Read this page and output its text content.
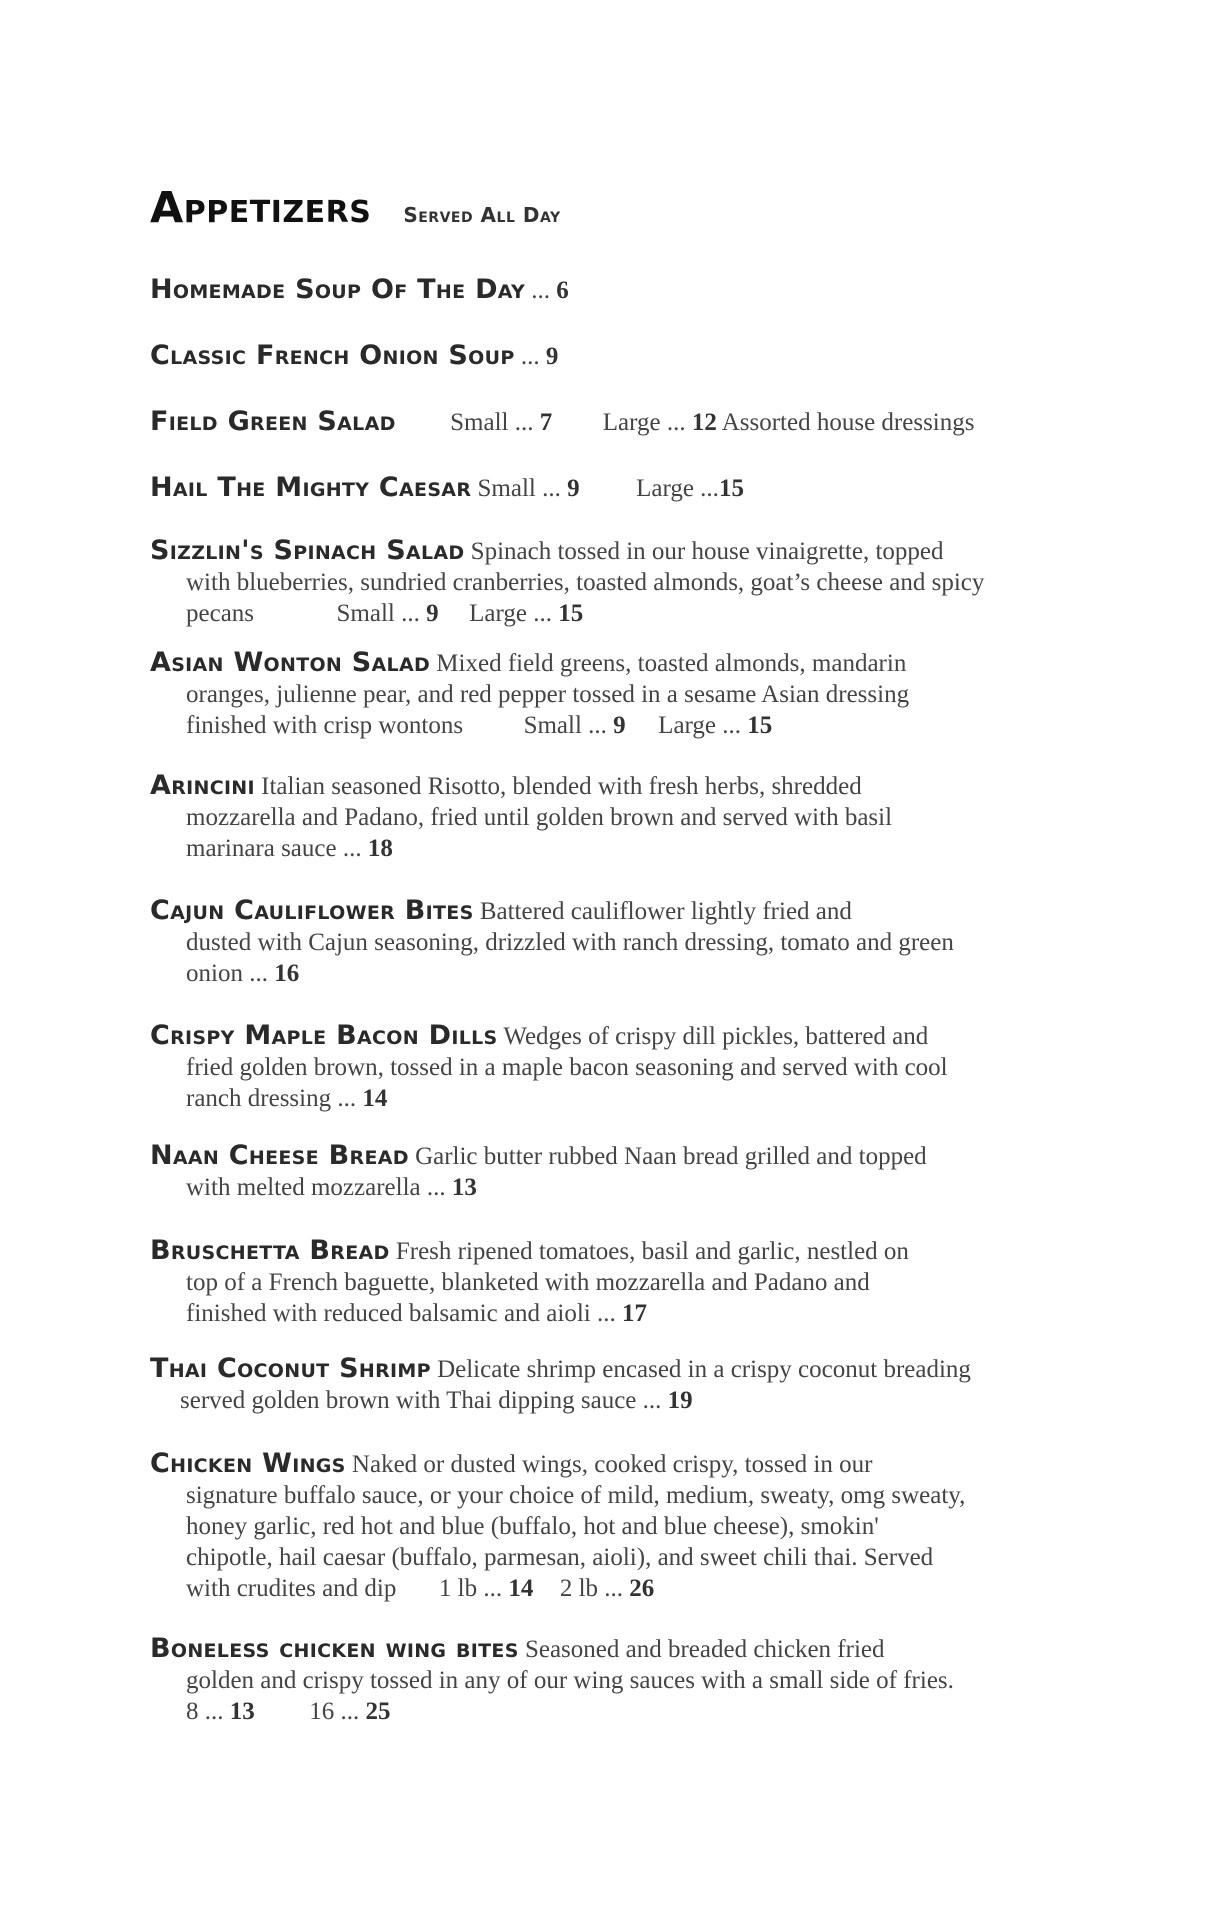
Appetizers Served All Day
Homemade Soup Of The Day ... 6
Classic French Onion Soup ... 9
Field Green Salad Small ... 7 Large ... 12 Assorted house dressings
Hail The Mighty Caesar Small ... 9 Large ...15
Sizzlin's Spinach Salad Spinach tossed in our house vinaigrette, topped
with blueberries, sundried cranberries, toasted almonds, goat’s cheese and spicy
pecans	Small ... 9 Large ... 15
Asian Wonton Salad Mixed field greens, toasted almonds, mandarin
oranges, julienne pear, and red pepper tossed in a sesame Asian dressing
finished with crisp wontons Small ... 9 Large ... 15
Arincini Italian seasoned Risotto, blended with fresh herbs, shredded
mozzarella and Padano, fried until golden brown and served with basil
marinara sauce ... 18
Cajun Cauliflower Bites Battered cauliflower lightly fried and
dusted with Cajun seasoning, drizzled with ranch dressing, tomato and green
onion ... 16
Crispy Maple Bacon Dills Wedges of crispy dill pickles, battered and
fried golden brown, tossed in a maple bacon seasoning and served with cool
ranch dressing ... 14
Naan Cheese Bread Garlic butter rubbed Naan bread grilled and topped
with melted mozzarella ... 13
Bruschetta Bread Fresh ripened tomatoes, basil and garlic, nestled on
top of a French baguette, blanketed with mozzarella and Padano and
finished with reduced balsamic and aioli ... 17
Thai Coconut Shrimp Delicate shrimp encased in a crispy coconut breading
served golden brown with Thai dipping sauce ... 19
Chicken Wings Naked or dusted wings, cooked crispy, tossed in our
signature buffalo sauce, or your choice of mild, medium, sweaty, omg sweaty,
honey garlic, red hot and blue (buffalo, hot and blue cheese), smokin'
chipotle, hail caesar (buffalo, parmesan, aioli), and sweet chili thai. Served
with crudites and dip 1 lb ... 14 2 lb ... 26
Boneless chicken wing bites Seasoned and breaded chicken fried
golden and crispy tossed in any of our wing sauces with a small side of fries.
8 ... 13 16 ... 25
